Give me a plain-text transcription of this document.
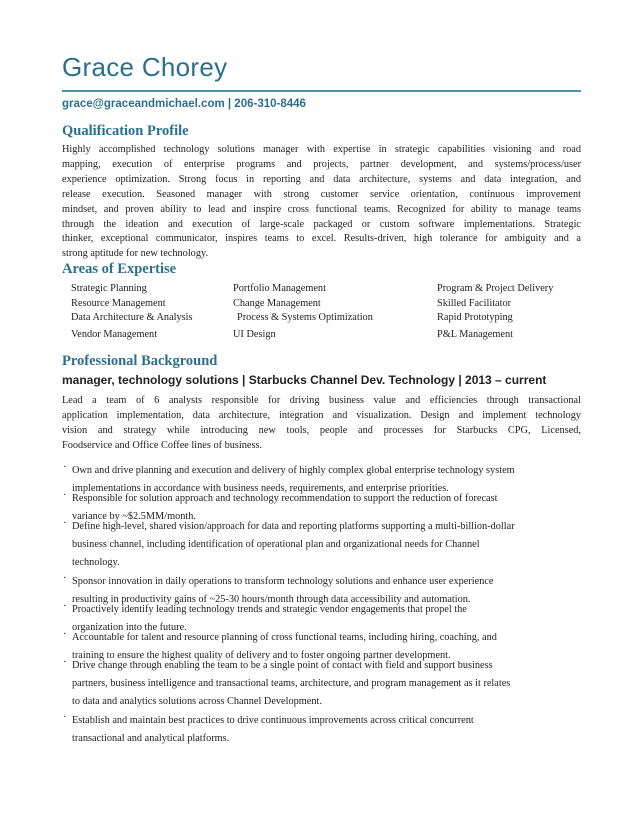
Grace Chorey
grace@graceandmichael.com | 206-310-8446
Qualification Profile
Highly accomplished technology solutions manager with expertise in strategic capabilities visioning and road
mapping, execution of enterprise programs and projects, partner development, and systems/process/user
experience optimization. Strong focus in reporting and data architecture, systems and data integration, and
release execution. Seasoned manager with strong customer service orientation, continuous improvement
mindset, and proven ability to lead and inspire cross functional teams. Recognized for ability to manage teams
through the ideation and execution of large-scale packaged or custom software implementations. Strategic
thinker, exceptional communicator, inspires teams to excel. Results-driven, high tolerance for ambiguity and a
strong aptitude for new technology.
Areas of Expertise
Strategic Planning
Resource Management
Data Architecture & Analysis
Vendor Management
Portfolio Management
Change Management
Process & Systems Optimization
UI Design
Program & Project Delivery
Skilled Facilitator
Rapid Prototyping
P&L Management
Professional Background
manager, technology solutions | Starbucks Channel Dev. Technology | 2013 – current
Lead a team of 6 analysts responsible for driving business value and efficiencies through transactional
application implementation, data architecture, integration and visualization. Design and implement technology
vision and strategy while introducing new tools, people and processes for Starbucks CPG, Licensed,
Foodservice and Office Coffee lines of business.
· Own and drive planning and execution and delivery of highly complex global enterprise technology system
implementations in accordance with business needs, requirements, and enterprise priorities.
· Responsible for solution approach and technology recommendation to support the reduction of forecast
variance by ~$2.5MM/month.
· Define high-level, shared vision/approach for data and reporting platforms supporting a multi-billion-dollar
business channel, including identification of operational plan and organizational needs for Channel
technology.
· Sponsor innovation in daily operations to transform technology solutions and enhance user experience
resulting in productivity gains of ~25-30 hours/month through data accessibility and automation.
· Proactively identify leading technology trends and strategic vendor engagements that propel the
organization into the future.
· Accountable for talent and resource planning of cross functional teams, including hiring, coaching, and
training to ensure the highest quality of delivery and to foster ongoing partner development.
· Drive change through enabling the team to be a single point of contact with field and support business
partners, business intelligence and transactional teams, architecture, and program management as it relates
to data and analytics solutions across Channel Development.
· Establish and maintain best practices to drive continuous improvements across critical concurrent
transactional and analytical platforms.
